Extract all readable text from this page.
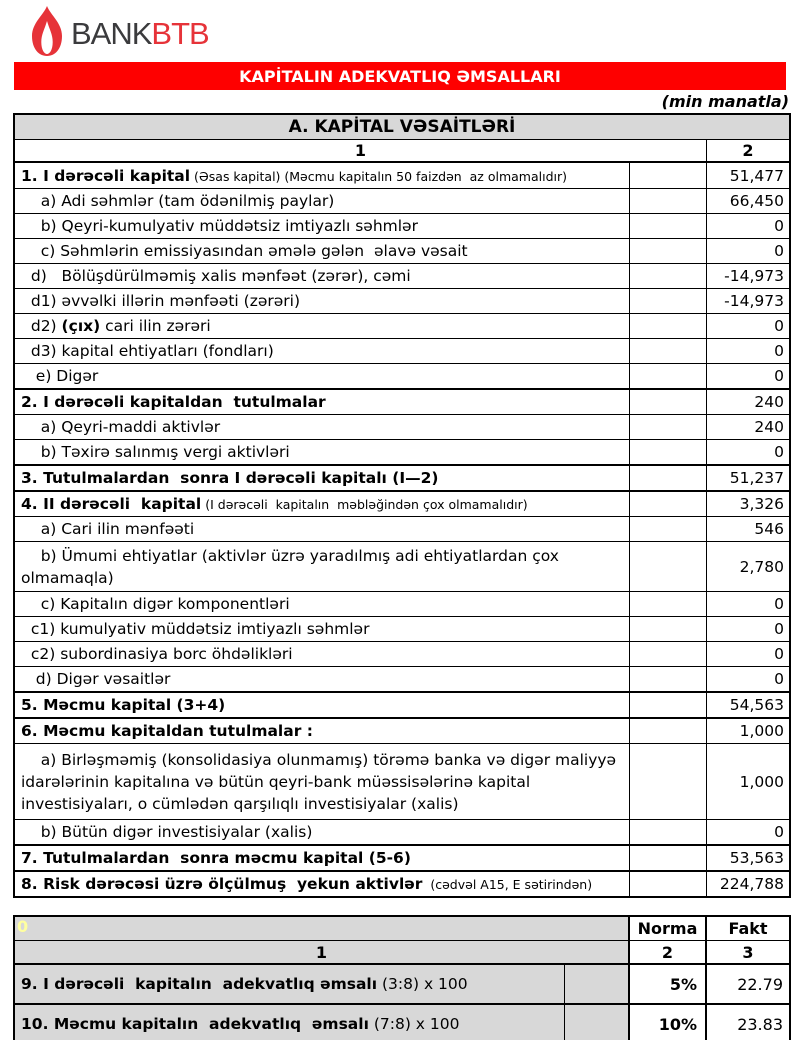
BANKBTB
KAPİTALIN ADEKVATLIQ ƏMSALLARI
(min manatla)
A. KAPİTAL VƏSAİTLƏRİ
1	2
1. I dərəcəli kapital (Əsas kapital) (Məcmu kapitalın 50 faizdən  az olmamalıdır)	51,477
a) Adi səhmlər (tam ödənilmiş paylar)	66,450
b) Qeyri-kumulyativ müddətsiz imtiyazlı səhmlər	0
c) Səhmlərin emissiyasından əmələ gələn  əlavə vəsait	0
d)   Bölüşdürülməmiş xalis mənfəət (zərər), cəmi	-14,973
d1) əvvəlki illərin mənfəəti (zərəri)	-14,973
d2) (çıx) cari ilin zərəri	0
d3) kapital ehtiyatları (fondları)	0
e) Digər	0
2. I dərəcəli kapitaldan  tutulmalar	240
a) Qeyri-maddi aktivlər	240
b) Təxirə salınmış vergi aktivləri	0
3. Tutulmalardan  sonra I dərəcəli kapitalı (I—2)	51,237
4. II dərəcəli  kapital (I dərəcəli  kapitalın  məbləğindən çox olmamalıdır)	3,326
a) Cari ilin mənfəəti	546
b) Ümumi ehtiyatlar (aktivlər üzrə yaradılmış adi ehtiyatlardan çox olmamaqla)
2,780
c) Kapitalın digər komponentləri	0
c1) kumulyativ müddətsiz imtiyazlı səhmlər	0
c2) subordinasiya borc öhdəlikləri	0
d) Digər vəsaitlər	0
5. Məcmu kapital (3+4)	54,563
6. Məcmu kapitaldan tutulmalar :	1,000
a) Birləşməmiş (konsolidasiya olunmamış) törəmə banka və digər maliyyə idarələrinin kapitalına və bütün qeyri-bank müəssisələrinə kapital investisiyaları, o cümlədən qarşılıqlı investisiyalar (xalis)
1,000
b) Bütün digər investisiyalar (xalis)	0
7. Tutulmalardan  sonra məcmu kapital (5-6)	53,563
8. Risk dərəcəsi üzrə ölçülmuş  yekun aktivlər  (cədvəl A15, E sətirindən)	224,788
0	Norma	Fakt
1	2	3
9. I dərəcəli  kapitalın  adekvatlıq əmsalı (3:8) x 100	5%	22.79
10. Məcmu kapitalın  adekvatlıq  əmsalı (7:8) x 100	10%	23.83
